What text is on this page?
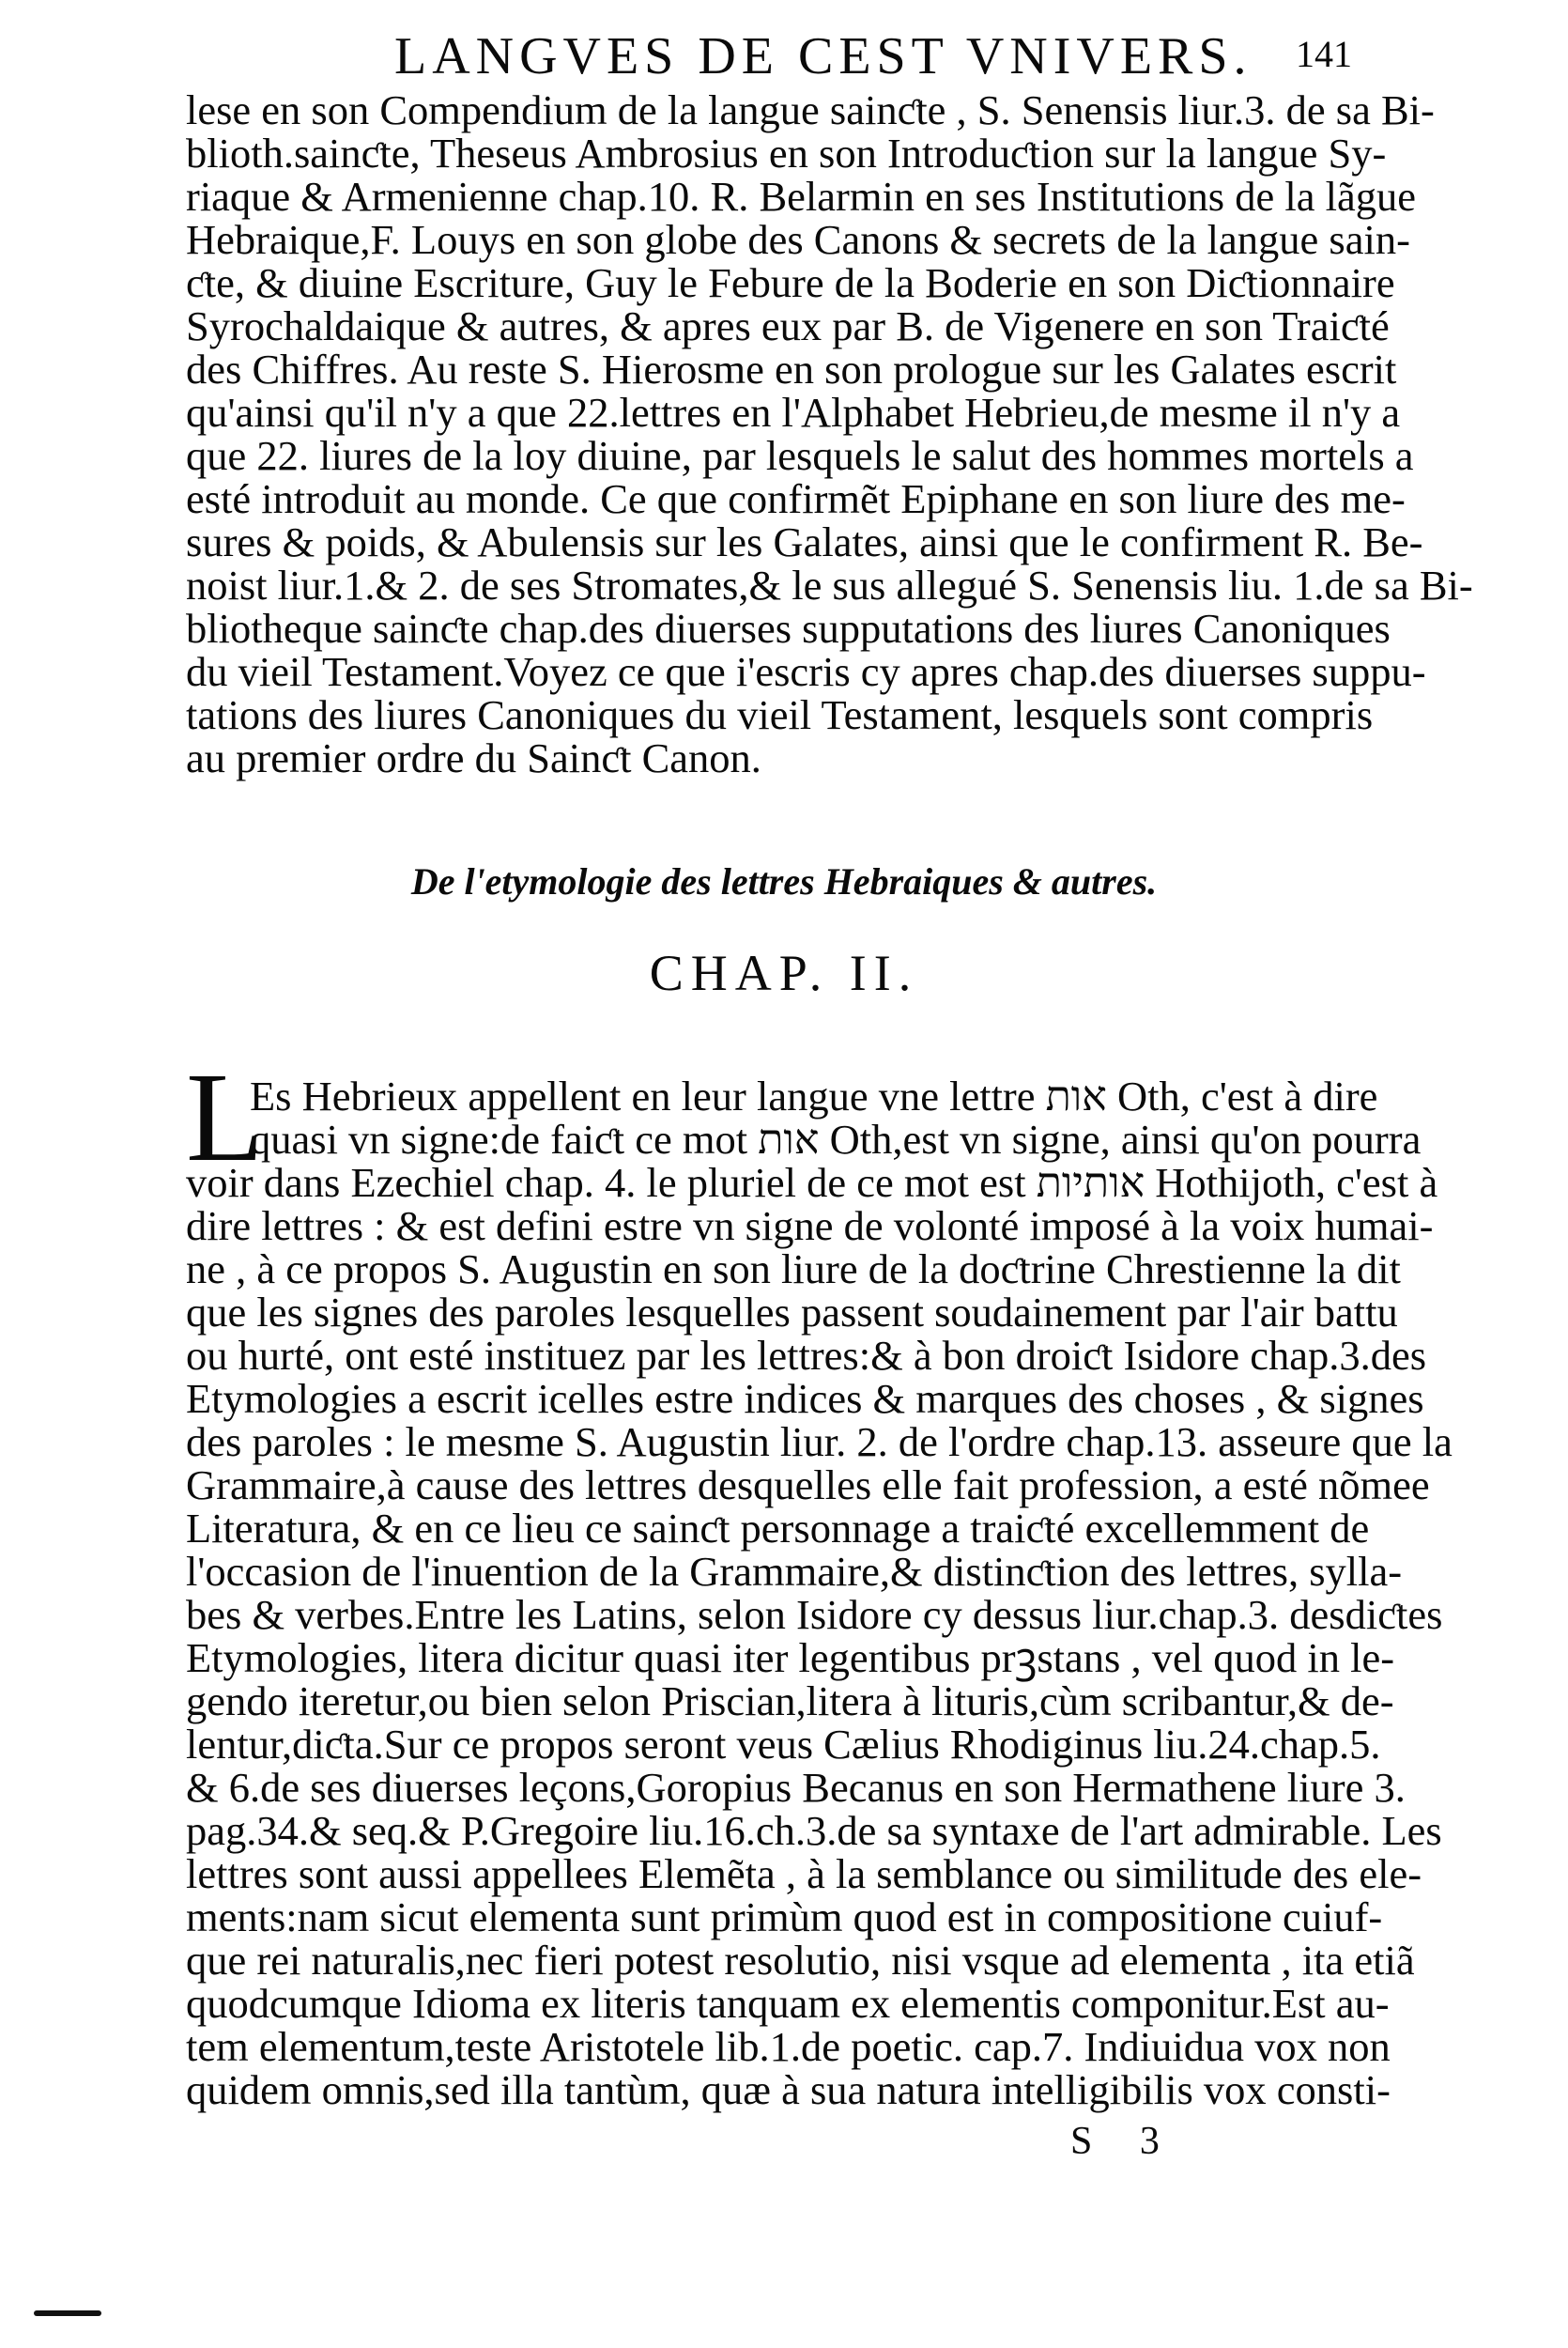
LANGVES DE CEST VNIVERS. 141
lese en son Compendium de la langue sainƈte , S. Senensis liur.3. de sa Bi-
blioth.sainƈte, Theseus Ambrosius en son Introduƈtion sur la langue Sy-
riaque & Armenienne chap.10. R. Belarmin en ses Institutions de la lãgue
Hebraique,F. Louys en son globe des Canons & secrets de la langue sain-
ƈte, & diuine Escriture, Guy le Febure de la Boderie en son Diƈtionnaire
Syrochaldaique & autres, & apres eux par B. de Vigenere en son Traiƈté
des Chiffres. Au reste S. Hierosme en son prologue sur les Galates escrit
qu'ainsi qu'il n'y a que 22.lettres en l'Alphabet Hebrieu,de mesme il n'y a
que 22. liures de la loy diuine, par lesquels le salut des hommes mortels a
esté introduit au monde. Ce que confirmẽt Epiphane en son liure des me-
sures & poids, & Abulensis sur les Galates, ainsi que le confirment R. Be-
noist liur.1.& 2. de ses Stromates,& le sus allegué S. Senensis liu. 1.de sa Bi-
bliotheque sainƈte chap.des diuerses supputations des liures Canoniques
du vieil Testament.Voyez ce que i'escris cy apres chap.des diuerses suppu-
tations des liures Canoniques du vieil Testament, lesquels sont compris
au premier ordre du Sainƈt Canon.
De l'etymologie des lettres Hebraiques & autres.
CHAP. II.
L
Es Hebrieux appellent en leur langue vne lettre אות Oth, c'est à dire
quasi vn signe:de faiƈt ce mot אות Oth,est vn signe, ainsi qu'on pourra
voir dans Ezechiel chap. 4. le pluriel de ce mot est אותיות Hothijoth, c'est à
dire lettres : & est defini estre vn signe de volonté imposé à la voix humai-
ne , à ce propos S. Augustin en son liure de la doƈtrine Chrestienne la dit
que les signes des paroles lesquelles passent soudainement par l'air battu
ou hurté, ont esté instituez par les lettres:& à bon droiƈt Isidore chap.3.des
Etymologies a escrit icelles estre indices & marques des choses , & signes
des paroles : le mesme S. Augustin liur. 2. de l'ordre chap.13. asseure que la
Grammaire,à cause des lettres desquelles elle fait profession, a esté nõmee
Literatura, & en ce lieu ce sainƈt personnage a traiƈté excellemment de
l'occasion de l'inuention de la Grammaire,& distinƈtion des lettres, sylla-
bes & verbes.Entre les Latins, selon Isidore cy dessus liur.chap.3. desdiƈtes
Etymologies, litera dicitur quasi iter legentibus prꝫstans , vel quod in le-
gendo iteretur,ou bien selon Priscian,litera à lituris,cùm scribantur,& de-
lentur,diƈta.Sur ce propos seront veus Cælius Rhodiginus liu.24.chap.5.
& 6.de ses diuerses leçons,Goropius Becanus en son Hermathene liure 3.
pag.34.& seq.& P.Gregoire liu.16.ch.3.de sa syntaxe de l'art admirable. Les
lettres sont aussi appellees Elemẽta , à la semblance ou similitude des ele-
ments:nam sicut elementa sunt primùm quod est in compositione cuiuf-
que rei naturalis,nec fieri potest resolutio, nisi vsque ad elementa , ita etiã
quodcumque Idioma ex literis tanquam ex elementis componitur.Est au-
tem elementum,teste Aristotele lib.1.de poetic. cap.7. Indiuidua vox non
quidem omnis,sed illa tantùm, quæ à sua natura intelligibilis vox consti-
S 3
